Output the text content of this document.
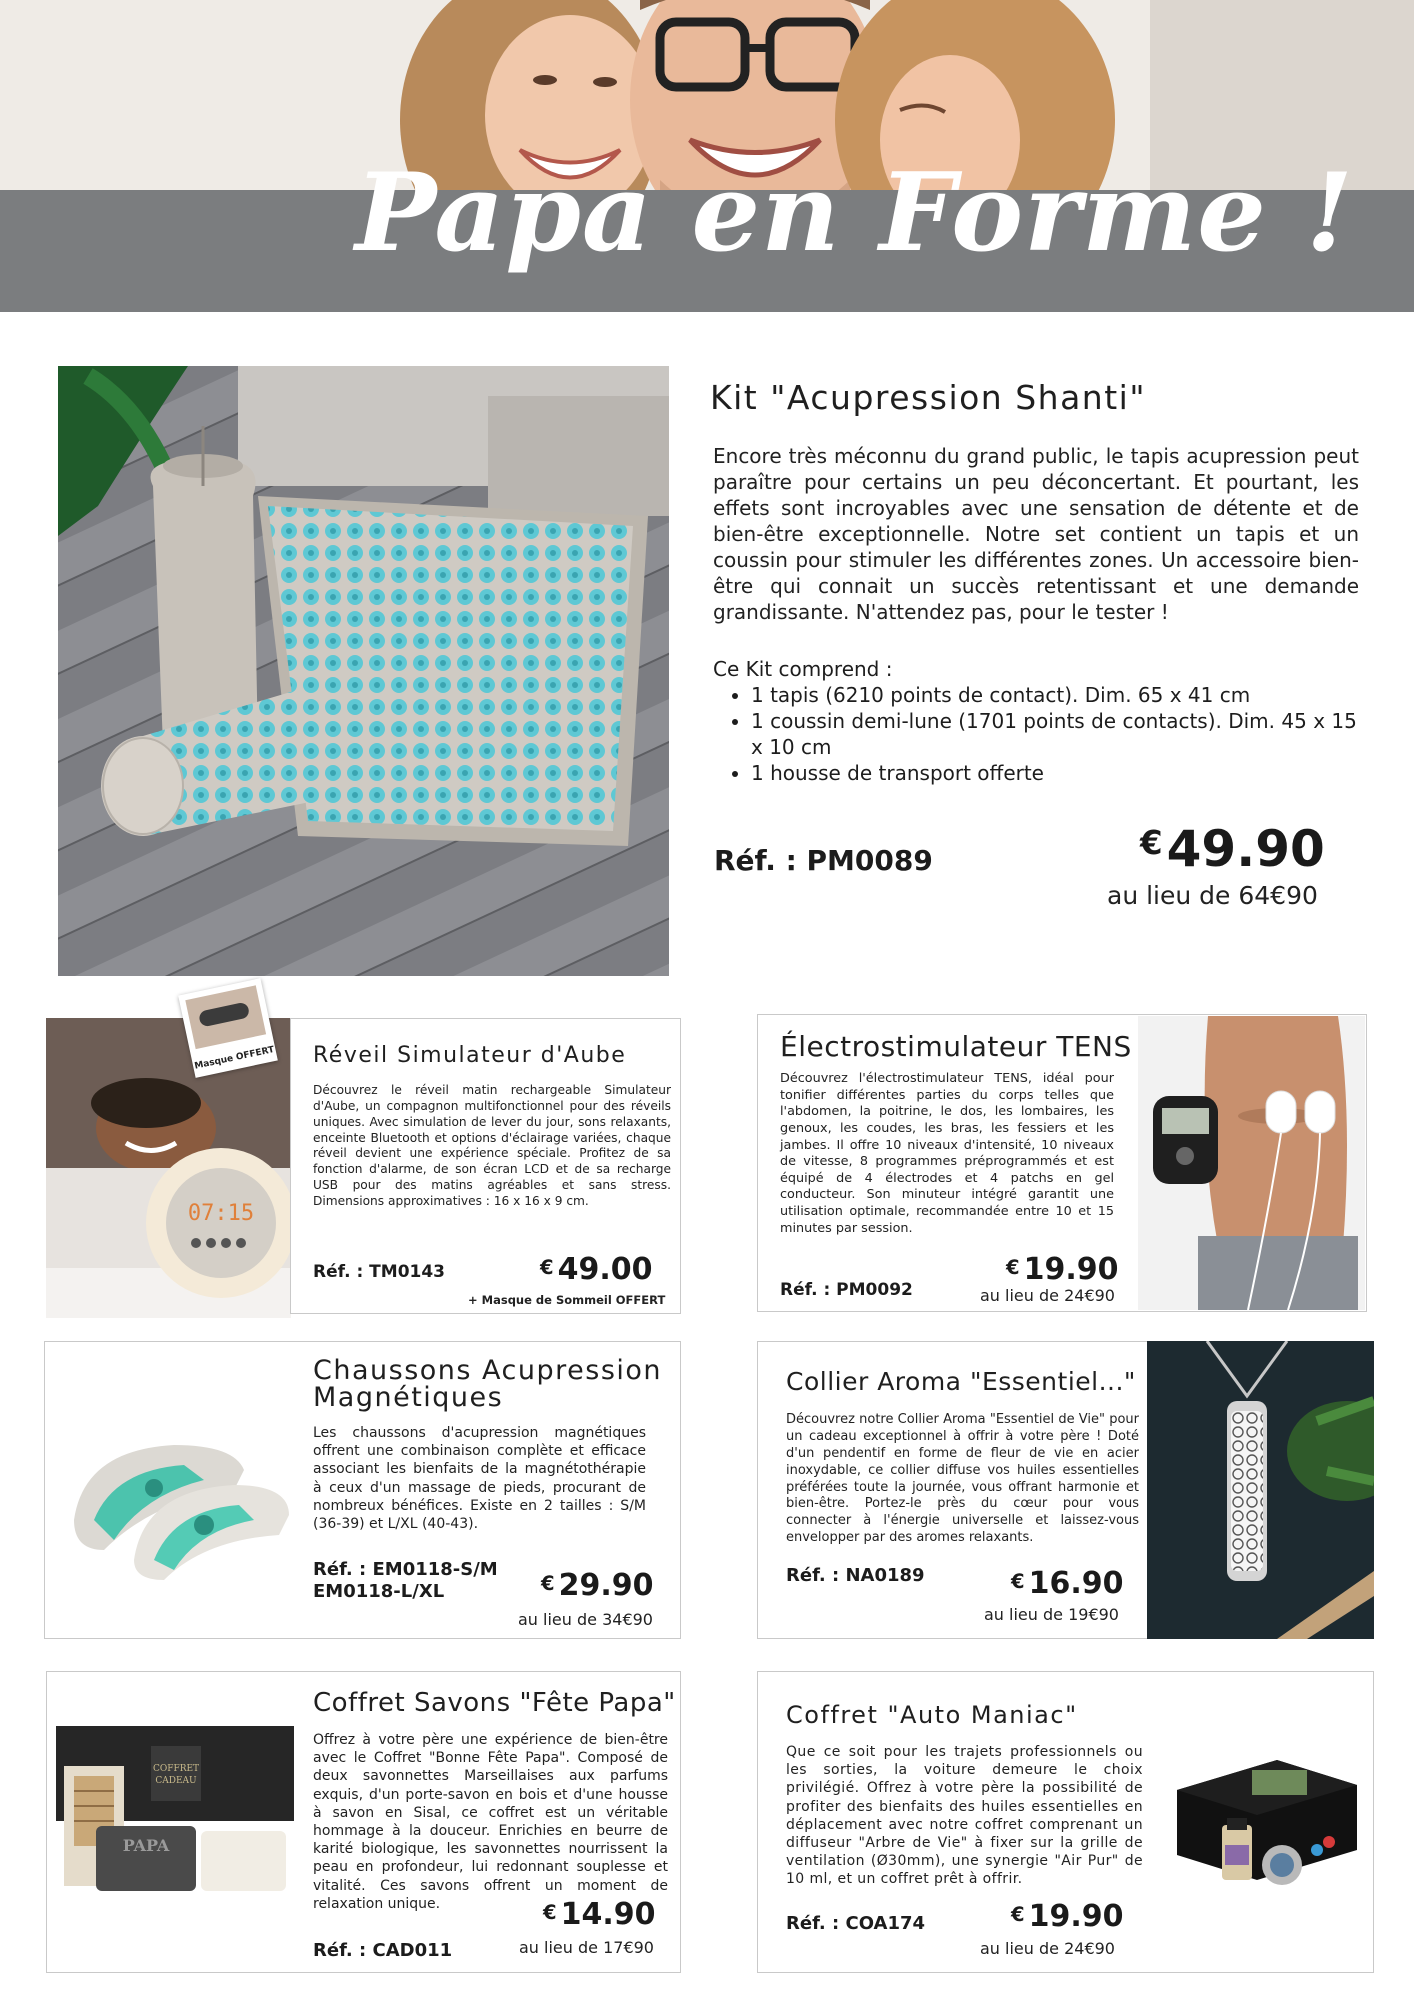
Papa en Forme !
Kit "Acupression Shanti"
Encore très méconnu du grand public, le tapis acupression peut paraître pour certains un peu déconcertant. Et pourtant, les effets sont incroyables avec une sensation de détente et de bien-être exceptionnelle. Notre set contient un tapis et un coussin pour stimuler les différentes zones. Un accessoire bien-être qui connait un succès retentissant et une demande grandissante. N'attendez pas, pour le tester !
Ce Kit comprend :
• 1 tapis (6210 points de contact). Dim. 65 x 41 cm
• 1 coussin demi-lune (1701 points de contacts). Dim. 45 x 15 x 10 cm
• 1 housse de transport offerte
Réf. : PM0089	€49.90
au lieu de 64€90
07:15
Masque OFFERT Réveil Simulateur d'Aube
Découvrez le réveil matin rechargeable Simulateur d'Aube, un compagnon multifonctionnel pour des réveils uniques. Avec simulation de lever du jour, sons relaxants, enceinte Bluetooth et options d'éclairage variées, chaque réveil devient une expérience spéciale. Profitez de sa fonction d'alarme, de son écran LCD et de sa recharge USB pour des matins agréables et sans stress. Dimensions approximatives : 16 x 16 x 9 cm.
Réf. : TM0143	€ 49.00
+ Masque de Sommeil OFFERT
Électrostimulateur TENS
Découvrez l'électrostimulateur TENS, idéal pour tonifier différentes parties du corps telles que l'abdomen, la poitrine, le dos, les lombaires, les genoux, les coudes, les bras, les fessiers et les jambes. Il offre 10 niveaux d'intensité, 10 niveaux de vitesse, 8 programmes préprogrammés et est équipé de 4 électrodes et 4 patchs en gel conducteur. Son minuteur intégré garantit une utilisation optimale, recommandée entre 10 et 15 minutes par session.
Réf. : PM0092
€ 19.90
au lieu de 24€90
Chaussons Acupression
Magnétiques
Les chaussons d'acupression magnétiques offrent une combinaison complète et efficace associant les bienfaits de la magnétothérapie à ceux d'un massage de pieds, procurant de nombreux bénéfices. Existe en 2 tailles : S/M (36-39) et L/XL (40-43).
Réf. : EM0118-S/M
EM0118-L/XL	€ 29.90
au lieu de 34€90
Collier Aroma "Essentiel..."
Découvrez notre Collier Aroma "Essentiel de Vie" pour un cadeau exceptionnel à offrir à votre père ! Doté d'un pendentif en forme de fleur de vie en acier inoxydable, ce collier diffuse vos huiles essentielles préférées toute la journée, vous offrant harmonie et bien-être. Portez-le près du cœur pour vous connecter à l'énergie universelle et laissez-vous envelopper par des aromes relaxants.
Réf. : NA0189	€ 16.90
au lieu de 19€90
COFFRET
CADEAU
PAPA
Coffret Savons "Fête Papa"
Offrez à votre père une expérience de bien-être avec le Coffret "Bonne Fête Papa". Composé de deux savonnettes Marseillaises aux parfums exquis, d'un porte-savon en bois et d'une housse à savon en Sisal, ce coffret est un véritable hommage à la douceur. Enrichies en beurre de karité biologique, les savonnettes nourrissent la peau en profondeur, lui redonnant souplesse et vitalité. Ces savons offrent un moment de relaxation unique.
Réf. : CAD011
€ 14.90
au lieu de 17€90
Coffret "Auto Maniac"
Que ce soit pour les trajets professionnels ou les sorties, la voiture demeure le choix privilégié. Offrez à votre père la possibilité de profiter des bienfaits des huiles essentielles en déplacement avec notre coffret comprenant un diffuseur "Arbre de Vie" à fixer sur la grille de ventilation (Ø30mm), une synergie "Air Pur" de 10 ml, et un coffret prêt à offrir.
Réf. : COA174	€ 19.90
au lieu de 24€90
